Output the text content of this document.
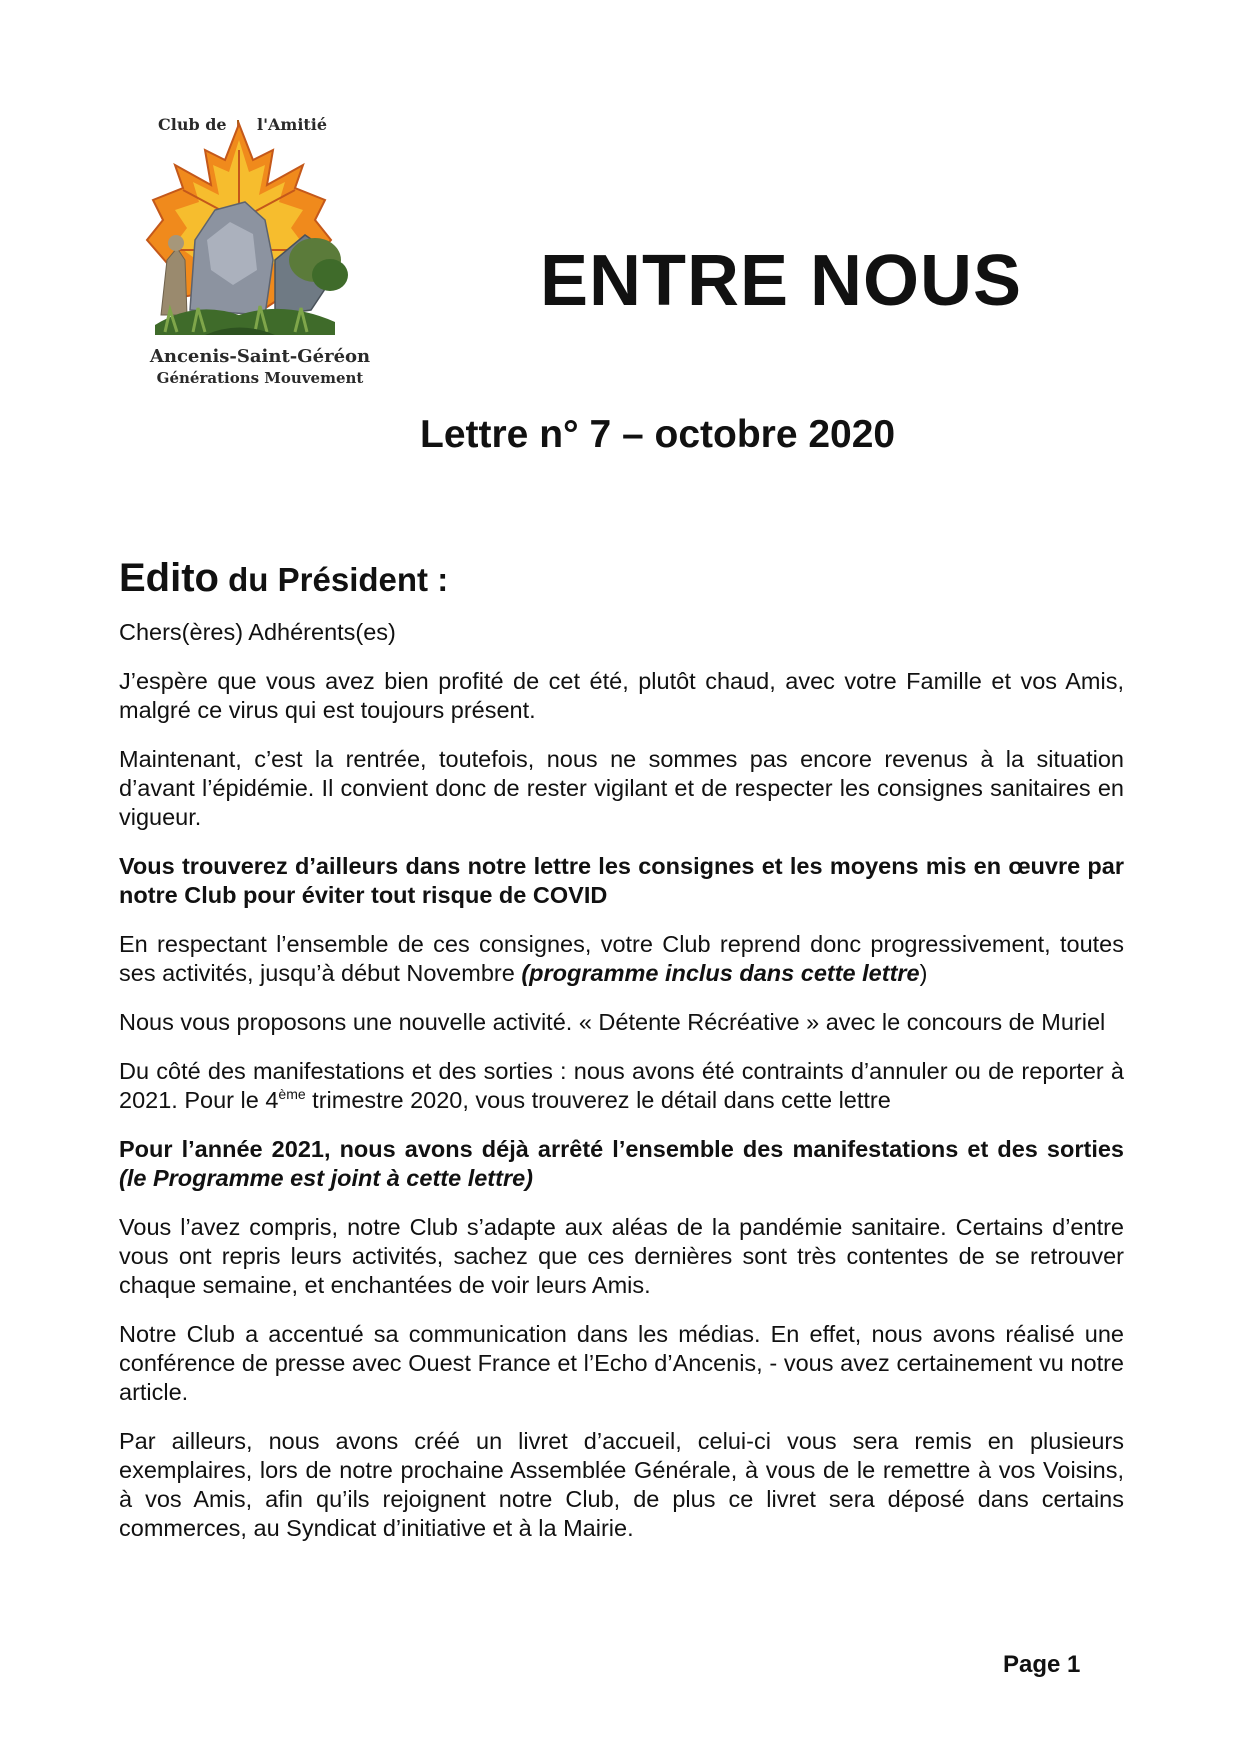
Club de l'Amitié
Ancenis-Saint-Géréon
Générations Mouvement
ENTRE NOUS
Lettre n° 7 – octobre 2020
Edito du Président :

Chers(ères) Adhérents(es)

J’espère que vous avez bien profité de cet été, plutôt chaud, avec votre Famille et vos Amis, malgré ce virus qui est toujours présent.

Maintenant, c’est la rentrée, toutefois, nous ne sommes pas encore revenus à la situation d’avant l’épidémie. Il convient donc de rester vigilant et de respecter les consignes sanitaires en vigueur.

Vous trouverez d’ailleurs dans notre lettre les consignes et les moyens mis en œuvre par notre Club pour éviter tout risque de COVID

En respectant l’ensemble de ces consignes, votre Club reprend donc progressivement, toutes ses activités, jusqu’à début Novembre (programme inclus dans cette lettre)

Nous vous proposons une nouvelle activité. « Détente Récréative » avec le concours de Muriel

Du côté des manifestations et des sorties : nous avons été contraints d’annuler ou de reporter à 2021. Pour le 4ème trimestre 2020, vous trouverez le détail dans cette lettre

Pour l’année 2021, nous avons déjà arrêté l’ensemble des manifestations et des sorties (le Programme est joint à cette lettre)

Vous l’avez compris, notre Club s’adapte aux aléas de la pandémie sanitaire. Certains d’entre vous ont repris leurs activités, sachez que ces dernières sont très contentes de se retrouver chaque semaine, et enchantées de voir leurs Amis.

Notre Club a accentué sa communication dans les médias. En effet, nous avons réalisé une conférence de presse avec Ouest France et l’Echo d’Ancenis, - vous avez certainement vu notre article.

Par ailleurs, nous avons créé un livret d’accueil, celui-ci vous sera remis en plusieurs exemplaires, lors de notre prochaine Assemblée Générale, à vous de le remettre à vos Voisins, à vos Amis, afin qu’ils rejoignent notre Club, de plus ce livret sera déposé dans certains commerces, au Syndicat d’initiative et à la Mairie.

Page 1
